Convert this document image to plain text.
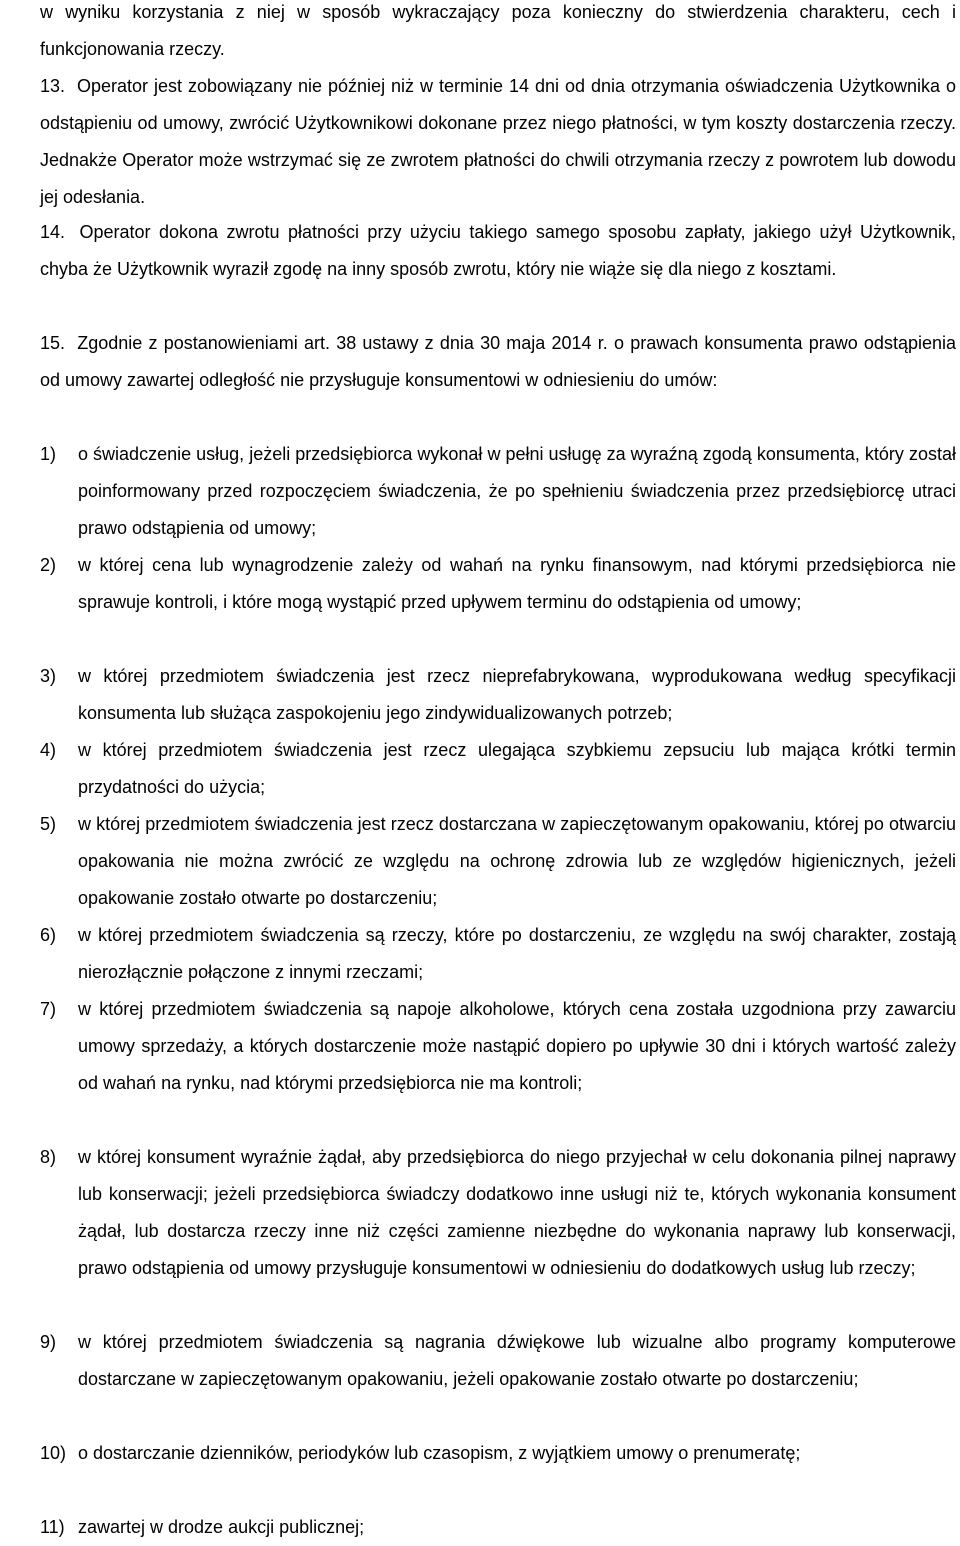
w wyniku korzystania z niej w sposób wykraczający poza konieczny do stwierdzenia charakteru, cech i funkcjonowania rzeczy.
13. Operator jest zobowiązany nie później niż w terminie 14 dni od dnia otrzymania oświadczenia Użytkownika o odstąpieniu od umowy, zwrócić Użytkownikowi dokonane przez niego płatności, w tym koszty dostarczenia rzeczy. Jednakże Operator może wstrzymać się ze zwrotem płatności do chwili otrzymania rzeczy z powrotem lub dowodu jej odesłania.
14. Operator dokona zwrotu płatności przy użyciu takiego samego sposobu zapłaty, jakiego użył Użytkownik, chyba że Użytkownik wyraził zgodę na inny sposób zwrotu, który nie wiąże się dla niego z kosztami.
15. Zgodnie z postanowieniami art. 38 ustawy z dnia 30 maja 2014 r. o prawach konsumenta prawo odstąpienia od umowy zawartej odległość nie przysługuje konsumentowi w odniesieniu do umów:
1)	o świadczenie usług, jeżeli przedsiębiorca wykonał w pełni usługę za wyraźną zgodą konsumenta, który został poinformowany przed rozpoczęciem świadczenia, że po spełnieniu świadczenia przez przedsiębiorcę utraci prawo odstąpienia od umowy;
2)	w której cena lub wynagrodzenie zależy od wahań na rynku finansowym, nad którymi przedsiębiorca nie sprawuje kontroli, i które mogą wystąpić przed upływem terminu do odstąpienia od umowy;
3)	w której przedmiotem świadczenia jest rzecz nieprefabrykowana, wyprodukowana według specyfikacji konsumenta lub służąca zaspokojeniu jego zindywidualizowanych potrzeb;
4)	w której przedmiotem świadczenia jest rzecz ulegająca szybkiemu zepsuciu lub mająca krótki termin przydatności do użycia;
5)	w której przedmiotem świadczenia jest rzecz dostarczana w zapieczętowanym opakowaniu, której po otwarciu opakowania nie można zwrócić ze względu na ochronę zdrowia lub ze względów higienicznych, jeżeli opakowanie zostało otwarte po dostarczeniu;
6)	w której przedmiotem świadczenia są rzeczy, które po dostarczeniu, ze względu na swój charakter, zostają nierozłącznie połączone z innymi rzeczami;
7)	w której przedmiotem świadczenia są napoje alkoholowe, których cena została uzgodniona przy zawarciu umowy sprzedaży, a których dostarczenie może nastąpić dopiero po upływie 30 dni i których wartość zależy od wahań na rynku, nad którymi przedsiębiorca nie ma kontroli;
8)	w której konsument wyraźnie żądał, aby przedsiębiorca do niego przyjechał w celu dokonania pilnej naprawy lub konserwacji; jeżeli przedsiębiorca świadczy dodatkowo inne usługi niż te, których wykonania konsument żądał, lub dostarcza rzeczy inne niż części zamienne niezbędne do wykonania naprawy lub konserwacji, prawo odstąpienia od umowy przysługuje konsumentowi w odniesieniu do dodatkowych usług lub rzeczy;
9)	w której przedmiotem świadczenia są nagrania dźwiękowe lub wizualne albo programy komputerowe dostarczane w zapieczętowanym opakowaniu, jeżeli opakowanie zostało otwarte po dostarczeniu;
10) o dostarczanie dzienników, periodyków lub czasopism, z wyjątkiem umowy o prenumeratę;
11) zawartej w drodze aukcji publicznej;
